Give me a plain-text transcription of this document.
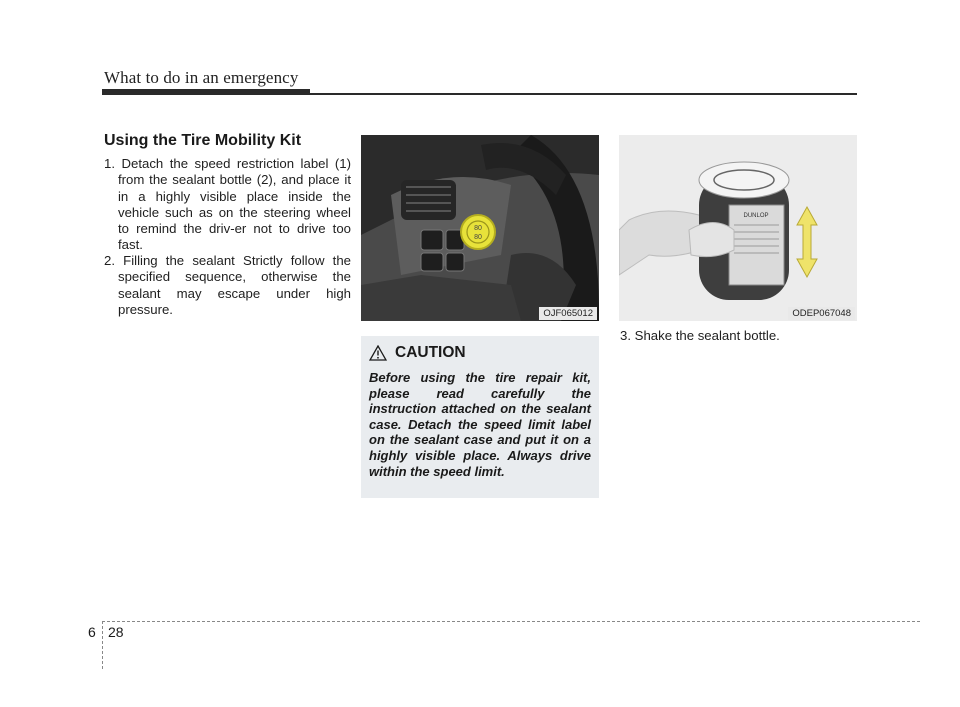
What to do in an emergency
Using the Tire Mobility Kit
1. Detach the speed restriction label (1) from the sealant bottle (2), and place it in a highly visible place inside the vehicle such as on the steering wheel to remind the driv-er not to drive too fast.
2. Filling the sealant Strictly follow the specified sequence, otherwise the sealant may escape under high pressure.
80
80
OJF065012
DUNLOP
ODEP067048
CAUTION
Before using the tire repair kit, please read carefully the instruction attached on the sealant case. Detach the speed limit label on the sealant case and put it on a highly visible place. Always drive within the speed limit.
3. Shake the sealant bottle.
6 28
